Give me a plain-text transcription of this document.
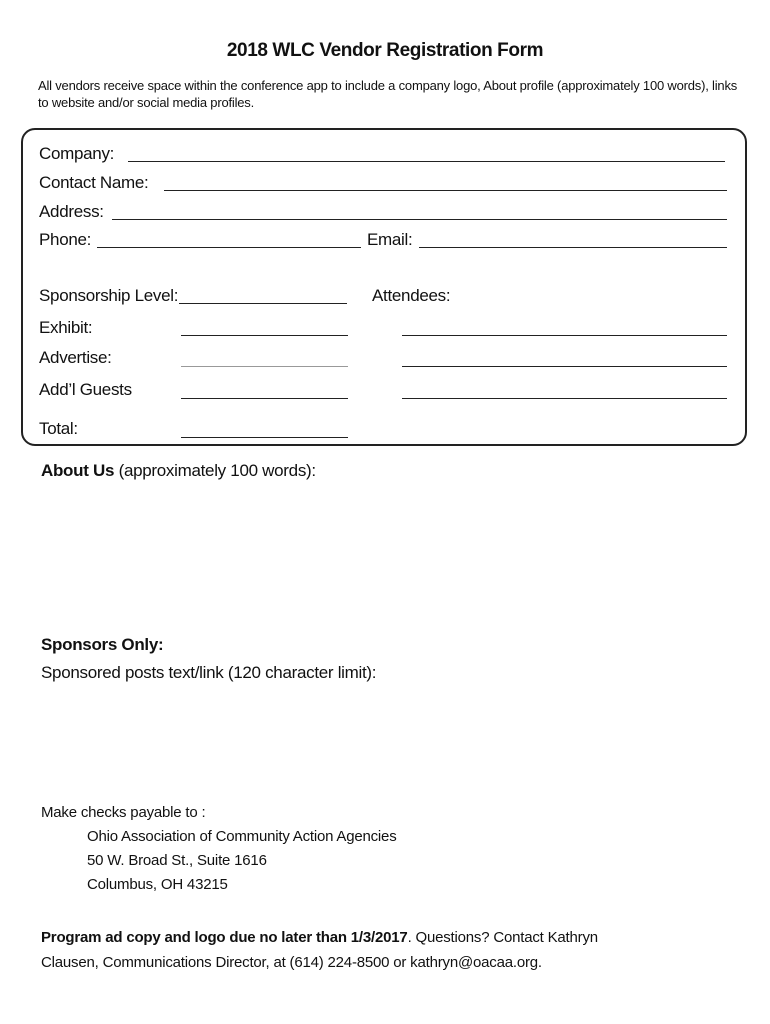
2018 WLC Vendor Registration Form
All vendors receive space within the conference app to include a company logo, About profile (approximately 100 words), links to website and/or social media profiles.
Company:
Contact Name:
Address:
Phone:	Email:
Sponsorship Level:	Attendees:
Exhibit:
Advertise:
Add’l Guests
Total:
About Us (approximately 100 words):
Sponsors Only:
Sponsored posts text/link (120 character limit):
Make checks payable to :
Ohio Association of Community Action Agencies
50 W. Broad St., Suite 1616
Columbus, OH 43215
Program ad copy and logo due no later than 1/3/2017. Questions? Contact Kathryn
Clausen, Communications Director, at (614) 224-8500 or kathryn@oacaa.org.
